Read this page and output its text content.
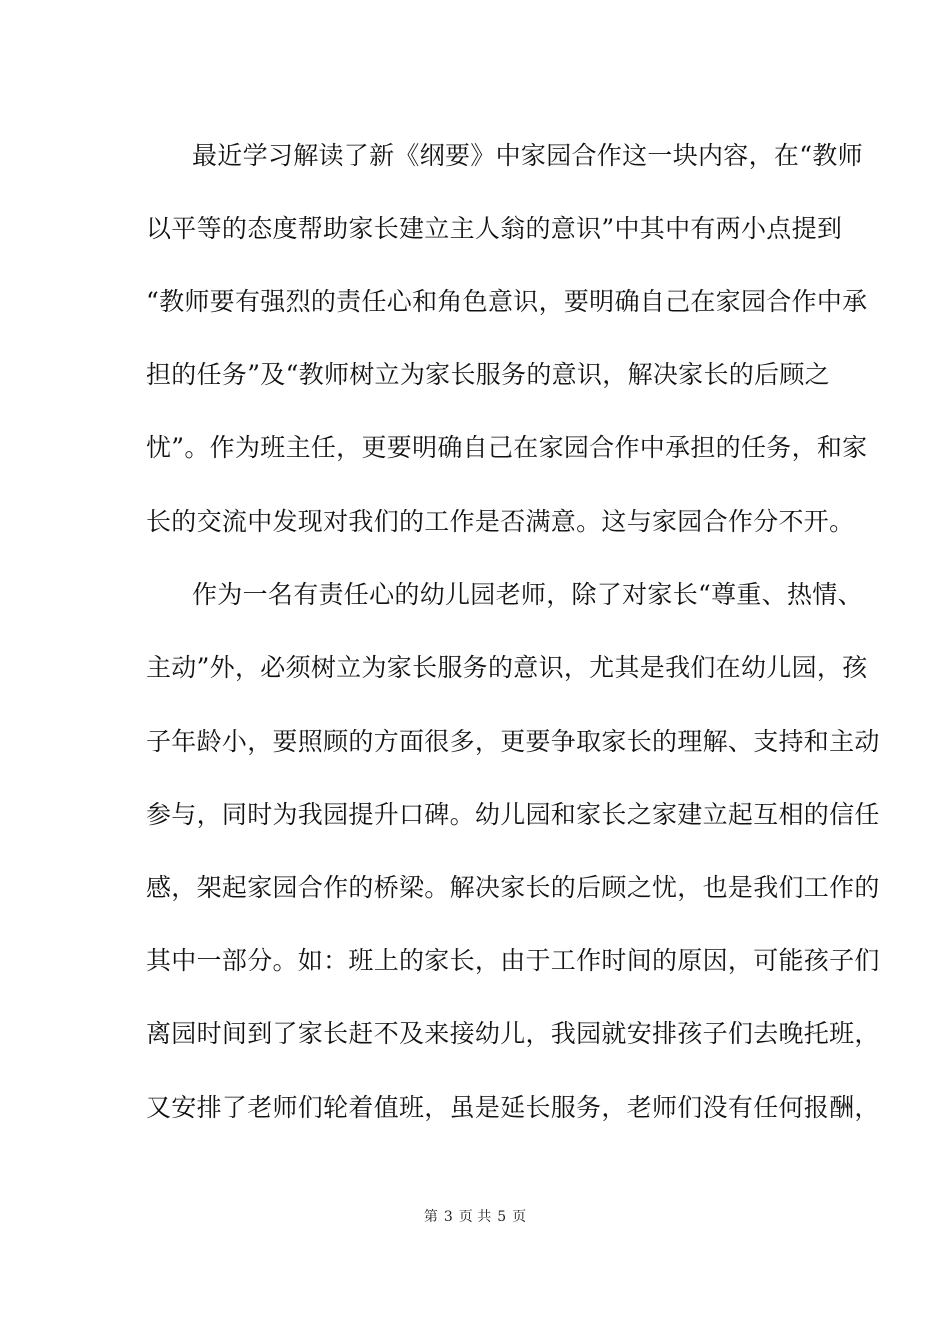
最近学习解读了新《纲要》中家园合作这一块内容，在“教师
以平等的态度帮助家长建立主人翁的意识”中其中有两小点提到
“教师要有强烈的责任心和角色意识，要明确自己在家园合作中承
担的任务”及“教师树立为家长服务的意识，解决家长的后顾之
忧”。作为班主任，更要明确自己在家园合作中承担的任务，和家
长的交流中发现对我们的工作是否满意。这与家园合作分不开。
作为一名有责任心的幼儿园老师，除了对家长“尊重、热情、
主动”外，必须树立为家长服务的意识，尤其是我们在幼儿园，孩
子年龄小，要照顾的方面很多，更要争取家长的理解、支持和主动
参与，同时为我园提升口碑。幼儿园和家长之家建立起互相的信任
感，架起家园合作的桥梁。解决家长的后顾之忧，也是我们工作的
其中一部分。如：班上的家长，由于工作时间的原因，可能孩子们
离园时间到了家长赶不及来接幼儿，我园就安排孩子们去晚托班，
又安排了老师们轮着值班，虽是延长服务，老师们没有任何报酬，
第 3 页 共 5 页
